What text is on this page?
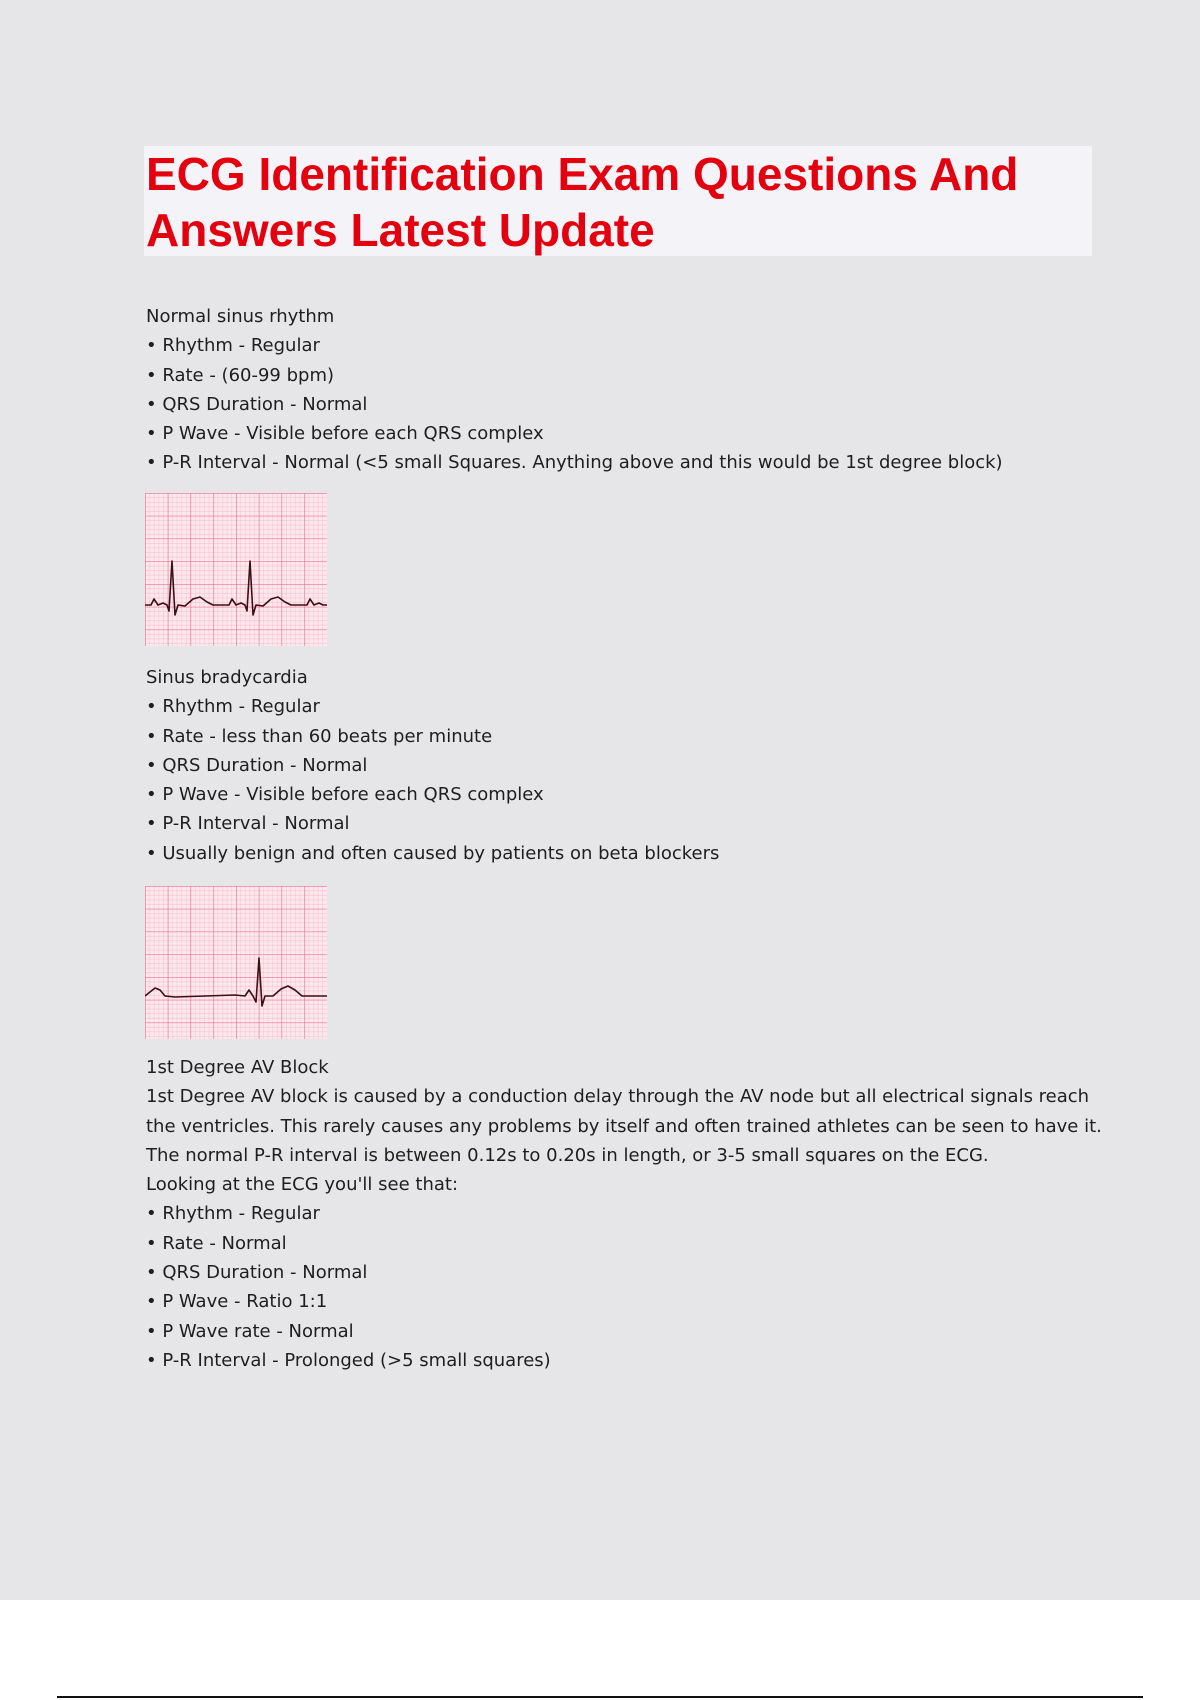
ECG Identification Exam Questions And
Answers Latest Update
Normal sinus rhythm
• Rhythm - Regular
• Rate - (60-99 bpm)
• QRS Duration - Normal
• P Wave - Visible before each QRS complex
• P-R Interval - Normal (<5 small Squares. Anything above and this would be 1st degree block)
Sinus bradycardia
• Rhythm - Regular
• Rate - less than 60 beats per minute
• QRS Duration - Normal
• P Wave - Visible before each QRS complex
• P-R Interval - Normal
• Usually benign and often caused by patients on beta blockers
1st Degree AV Block
1st Degree AV block is caused by a conduction delay through the AV node but all electrical signals reach
the ventricles. This rarely causes any problems by itself and often trained athletes can be seen to have it.
The normal P-R interval is between 0.12s to 0.20s in length, or 3-5 small squares on the ECG.
Looking at the ECG you'll see that:
• Rhythm - Regular
• Rate - Normal
• QRS Duration - Normal
• P Wave - Ratio 1:1
• P Wave rate - Normal
• P-R Interval - Prolonged (>5 small squares)
